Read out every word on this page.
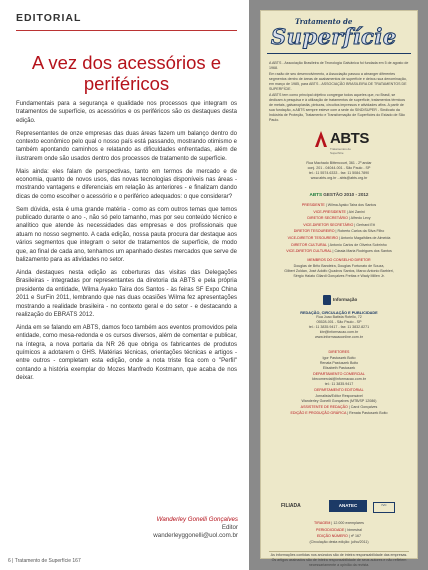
EDITORIAL
A vez dos acessórios e
periféricos

Fundamentais para a segurança e qualidade nos processos que integram os tratamentos de superfície, os acessórios e os periféricos são os destaques desta edição.

Representantes de onze empresas das duas áreas fazem um balanço dentro do contexto econômico pelo qual o nosso país está passando, mostrando otimismo e também apontando caminhos e relatando as dificuldades enfrentadas, além de ilustrarem onde são usados dentro dos processos de tratamento de superfície.

Mais ainda: eles falam de perspectivas, tanto em termos de mercado e de economia, quanto de novos usos, das novas tecnologias disponíveis nas áreas - mostrando vantagens e diferenciais em relação às anteriores - e finalizam dando dicas de como escolher o acessório e o periférico adequados: o que considerar?

Sem dúvida, esta é uma grande matéria - como as com outros temas que temos publicado durante o ano -, não só pelo tamanho, mas por seu conteúdo técnico e analítico que atende às necessidades das empresas e dos profissionais que atuam no nosso segmento. A cada edição, nossa pauta procura dar destaque aos vários segmentos que integram o setor de tratamentos de superfície, de modo que, ao final de cada ano, tenhamos um apanhado destes mercados que serve de balizamento para as atividades no setor.

Ainda destaques nesta edição as coberturas das visitas das Delegações Brasileiras - integradas por representantes da diretoria da ABTS e pela própria presidente da entidade, Wilma Ayako Taira dos Santos - às feiras SF Expo China 2011 e SurFin 2011, lembrando que nas duas ocasiões Wilma fez apresentações mostrando a realidade brasileira - no contexto geral e do setor - e destacando a realização do EBRATS 2012.

Ainda em se falando em ABTS, damos foco também aos eventos promovidos pela entidade, como mesa-redonda e os cursos diversos, além de comentar e publicar, na íntegra, a nova portaria da NR 26 que obriga os fabricantes de produtos químicos a adotarem o GHS. Matérias técnicas, orientações técnicas e artigos - entre outros - completam esta edição, onde a nota triste fica com o "Perfil" contando a história exemplar do Mozes Manfredo Kostmann, que acaba de nos deixar.

Wanderley Gonelli Gonçalves
Editor
wanderleyggonelli@uol.com.br
6 | Tratamento de Superfície 167
Tratamento de
Superfície
A ABTS - Associação Brasileira de Tecnologia Galvânica foi fundada em 5 de agosto de 1968.
Em razão de seu desenvolvimento, a Associação passou a abranger diferentes segmentos dentro de áreas de acabamentos de superfície e deixou sua denominação, em março de 1985, para ABTS - ASSOCIAÇÃO BRASILEIRA DE TRATAMENTOS DE SUPERFÍCIE.
A ABTS tem como principal objetivo congregar todos aqueles que, no Brasil, se dedicam à pesquisa e à utilização de tratamentos de superfície, tratamentos térmicos de metais, galvanoplastia, pinturas, circuitos impressos e atividades afins. A partir de sua fundação, a ABTS sempre esteve com a sede do SINDISUPER - Sindicato da Indústria de Proteção, Tratamento e Transformação de Superfícies do Estado de São Paulo.
ABTS
Tratamentos de Superfície
Rua Machado Bittencourt, 361 - 2º andar
conj. 201 - 04044-001 - São Paulo - SP
tel.: 11 5574.6333 - fax: 11 5084.7890
www.abts.org.br - abts@abts.org.br
ABTS GESTÃO 2010 - 2012
PRESIDENTE | Wilma Ayako Taira dos Santos
VICE-PRESIDENTE | Airi Zanini
DIRETOR SECRETÁRIO | Alfredo Levy
VICE-DIRETOR SECRETÁRIO | Gerhard Ett
DIRETOR TESOUREIRO | Roberto Carlos da Silva Filho
VICE-DIRETOR TESOUREIRO | Antonio Magalhães de Almeida
DIRETOR CULTURAL | Antonio Carlos de Oliveira Sobrinho
VICE-DIRETOR CULTURAL | Cássia Maria Rodrigues dos Santos
MEMBROS DO CONSELHO DIRETOR
Douglas de Brito Bandeira, Douglas Fortunato de Souza,
Gilbert Zoldan, José Adolfo Quadros Santos, Marco Antonio Barbieri,
Sérgio Haiato Gilardi Gonçalves Freitas e Wady Millen Jr.
Informação
REDAÇÃO, CIRCULAÇÃO E PUBLICIDADE
Rua Joao Batista Rotello, 72
05528-001 - São Paulo - SP
tel.: 11 3835.9417 - fax: 11 3832.8271
kbr@informacao.com.br
www.informacaoonline.com.br
DIRETORES
Igor Pastuszek Boito
Renata Pastuszek Boito
Elisabeth Pastuszek
DEPARTAMENTO COMERCIAL
kbrcomercial@informacao.com.br
tel.: 11 3835.9417
DEPARTAMENTO EDITORIAL
Jornalista/Editor Responsável
Wanderley Gonelli Gonçalves (MTB/SP 12086)
ASSISTENTE DE REDAÇÃO | Carol Gonçalves
EDIÇÃO E PRODUÇÃO GRÁFICA | Renata Pastuszek Boito
FILIADA	ANATEC	IVC
TIRAGEM | 12.000 exemplares
PERIODICIDADE | bimestral
EDIÇÃO NÚMERO | nº 167
(Circulação desta edição: julho/2011)
As informações contidas nos anúncios são de inteira responsabilidade das empresas. Os artigos assinados são de inteira responsabilidade de seus autores e não refletem necessariamente a opinião da revista.
